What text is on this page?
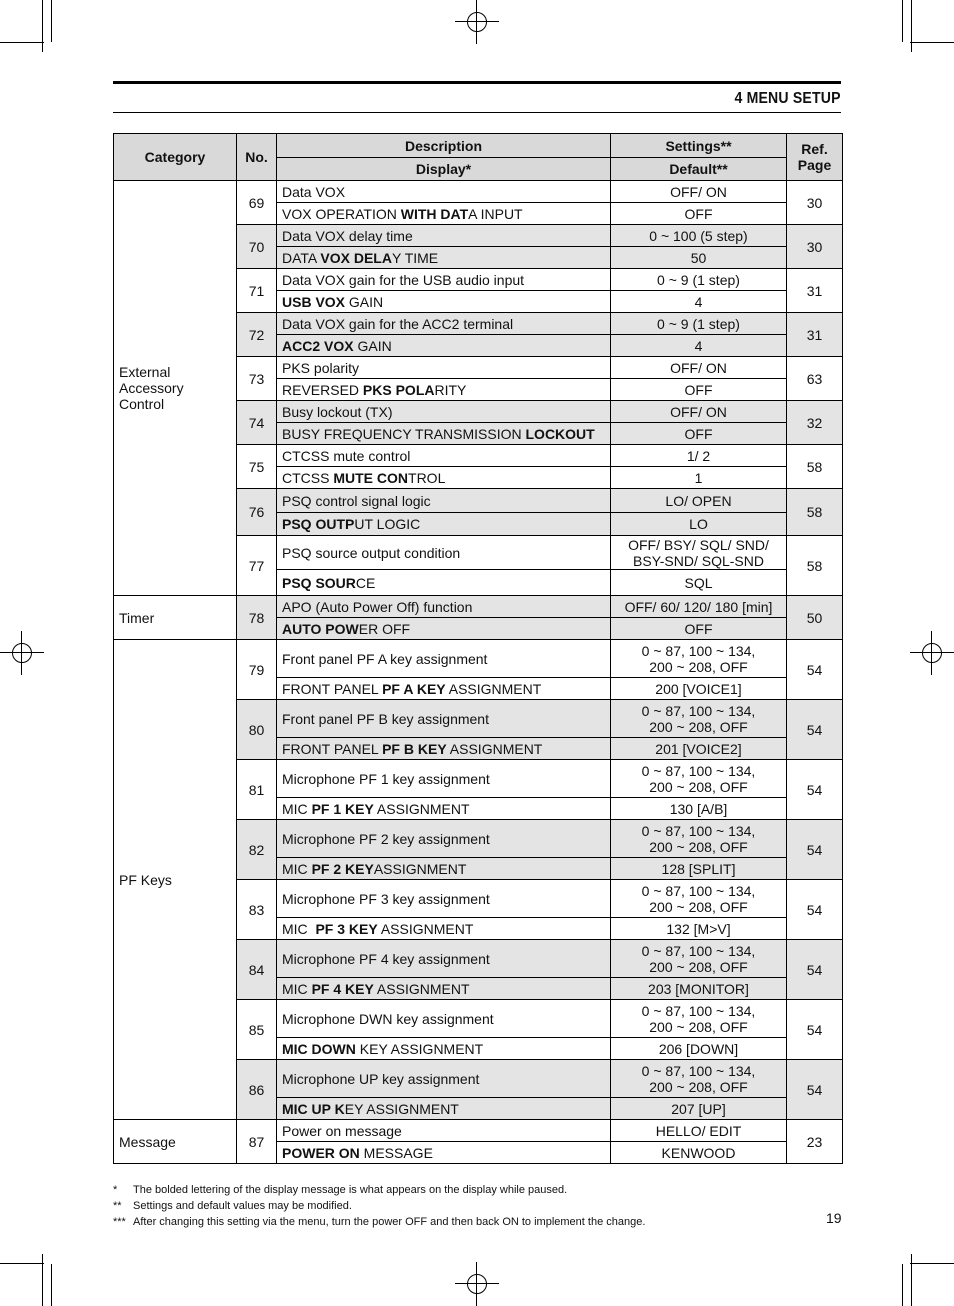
4 MENU SETUP
Category	No.	Description	Settings**	Ref. Page
		Display*	Default**	
External Accessory Control	69	Data VOX	OFF/ ON	30
		VOX OPERATION WITH DATA INPUT	OFF	
	70	Data VOX delay time	0 ~ 100 (5 step)	30
		DATA VOX DELAY TIME	50	
	71	Data VOX gain for the USB audio input	0 ~ 9 (1 step)	31
		USB VOX GAIN	4	
	72	Data VOX gain for the ACC2 terminal	0 ~ 9 (1 step)	31
		ACC2 VOX GAIN	4	
	73	PKS polarity	OFF/ ON	63
		REVERSED PKS POLARITY	OFF	
	74	Busy lockout (TX)	OFF/ ON	32
		BUSY FREQUENCY TRANSMISSION LOCKOUT	OFF	
	75	CTCSS mute control	1/ 2	58
		CTCSS MUTE CONTROL	1	
	76	PSQ control signal logic	LO/ OPEN	58
		PSQ OUTPUT LOGIC	LO	
	77	PSQ source output condition	OFF/ BSY/ SQL/ SND/
BSY-SND/ SQL-SND	58
		PSQ SOURCE	SQL	
Timer	78	APO (Auto Power Off) function	OFF/ 60/ 120/ 180 [min]	50
		AUTO POWER OFF	OFF	
PF Keys	79	Front panel PF A key assignment	0 ~ 87, 100 ~ 134,
200 ~ 208, OFF	54
		FRONT PANEL PF A KEY ASSIGNMENT	200 [VOICE1]	
	80	Front panel PF B key assignment	0 ~ 87, 100 ~ 134,
200 ~ 208, OFF	54
		FRONT PANEL PF B KEY ASSIGNMENT	201 [VOICE2]	
	81	Microphone PF 1 key assignment	0 ~ 87, 100 ~ 134,
200 ~ 208, OFF	54
		MIC PF 1 KEY ASSIGNMENT	130 [A/B]	
	82	Microphone PF 2 key assignment	0 ~ 87, 100 ~ 134,
200 ~ 208, OFF	54
		MIC PF 2 KEYASSIGNMENT	128 [SPLIT]	
	83	Microphone PF 3 key assignment	0 ~ 87, 100 ~ 134,
200 ~ 208, OFF	54
		MIC  PF 3 KEY ASSIGNMENT	132 [M>V]	
	84	Microphone PF 4 key assignment	0 ~ 87, 100 ~ 134,
200 ~ 208, OFF	54
		MIC PF 4 KEY ASSIGNMENT	203 [MONITOR]	
	85	Microphone DWN key assignment	0 ~ 87, 100 ~ 134,
200 ~ 208, OFF	54
		MIC DOWN KEY ASSIGNMENT	206 [DOWN]	
	86	Microphone UP key assignment	0 ~ 87, 100 ~ 134,
200 ~ 208, OFF	54
		MIC UP KEY ASSIGNMENT	207 [UP]	
Message	87	Power on message	HELLO/ EDIT	23
		POWER ON MESSAGE	KENWOOD	
*	The bolded lettering of the display message is what appears on the display while paused.
**	Settings and default values may be modified.
*** After changing this setting via the menu, turn the power OFF and then back ON to implement the change.	19
